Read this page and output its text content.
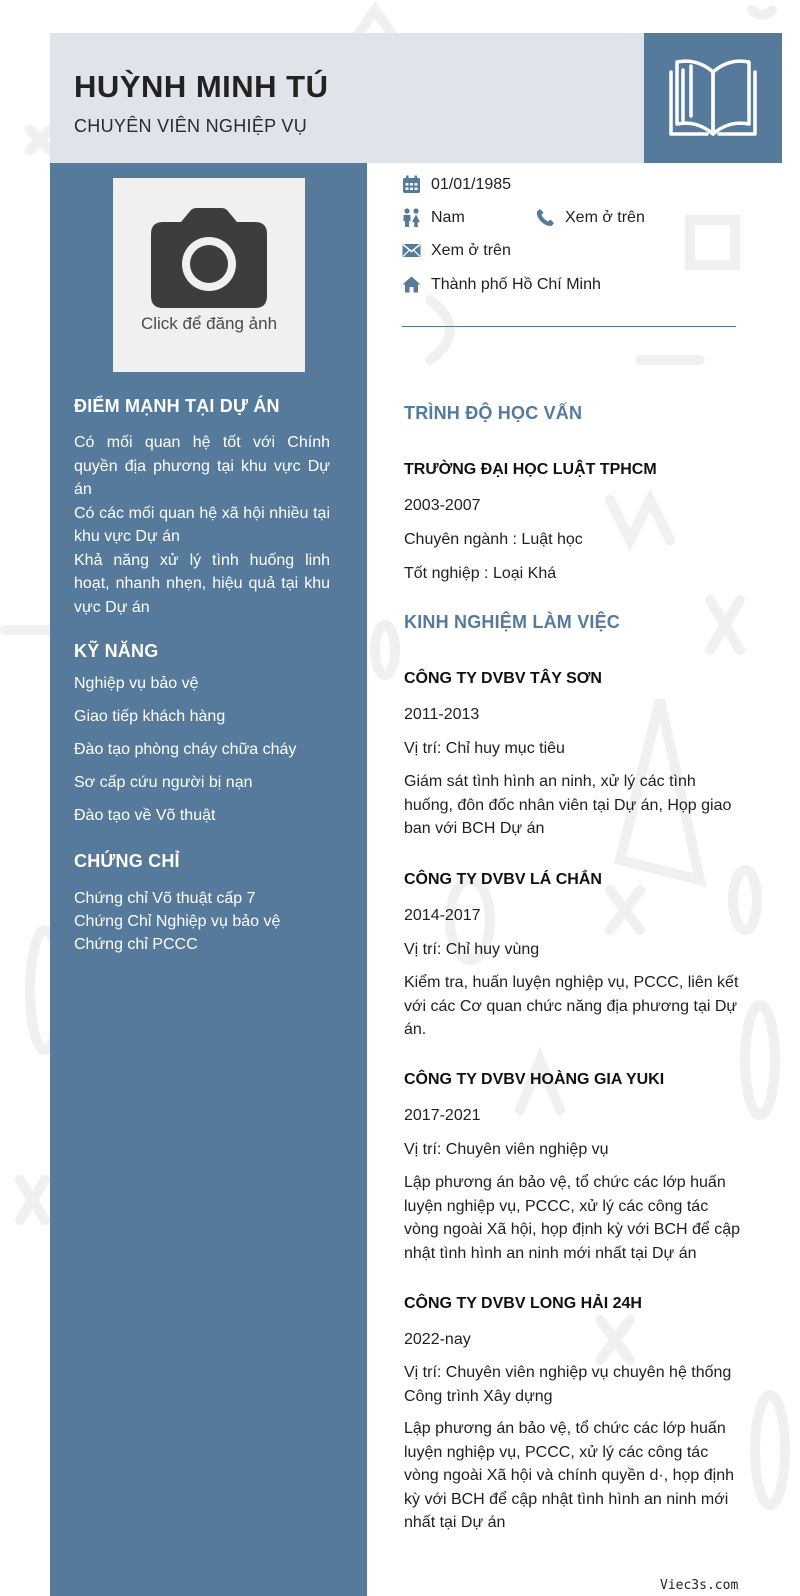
HUỲNH MINH TÚ
CHUYÊN VIÊN NGHIỆP VỤ
Click để đăng ảnh
ĐIỂM MẠNH TẠI DỰ ÁN

Có mối quan hệ tốt với Chính quyền địa phương tại khu vực Dự án

Có các mối quan hệ xã hội nhiều tại khu vực Dự án

Khả năng xử lý tình huống linh hoạt, nhanh nhẹn, hiệu quả tại khu vực Dự án

KỸ NĂNG
Nghiệp vụ bảo vệ
Giao tiếp khách hàng
Đào tạo phòng cháy chữa cháy
Sơ cấp cứu người bị nạn
Đào tạo về Võ thuật
CHỨNG CHỈ
Chứng chỉ Võ thuật cấp 7
Chứng Chỉ Nghiệp vụ bảo vệ
Chứng chỉ PCCC
01/01/1985
Nam	Xem ở trên
Xem ở trên
Thành phố Hồ Chí Minh
TRÌNH ĐỘ HỌC VẤN
TRƯỜNG ĐẠI HỌC LUẬT TPHCM
2003-2007
Chuyên ngành : Luật học
Tốt nghiệp : Loại Khá
KINH NGHIỆM LÀM VIỆC
CÔNG TY DVBV TÂY SƠN
2011-2013
Vị trí: Chỉ huy mục tiêu
Giám sát tình hình an ninh, xử lý các tình huống, đôn đốc nhân viên tại Dự án, Họp giao ban với BCH Dự án
CÔNG TY DVBV LÁ CHẮN
2014-2017
Vị trí: Chỉ huy vùng
Kiểm tra, huấn luyện nghiệp vụ, PCCC, liên kết với các Cơ quan chức năng địa phương tại Dự án.
CÔNG TY DVBV HOÀNG GIA YUKI
2017-2021
Vị trí: Chuyên viên nghiệp vụ
Lập phương án bảo vệ, tổ chức các lớp huấn luyện nghiệp vụ, PCCC, xử lý các công tác vòng ngoài Xã hội, họp định kỳ với BCH để cập nhật tình hình an ninh mới nhất tại Dự án
CÔNG TY DVBV LONG HẢI 24H
2022-nay
Vị trí: Chuyên viên nghiệp vụ chuyên hệ thống Công trình Xây dựng
Lập phương án bảo vệ, tổ chức các lớp huấn luyện nghiệp vụ, PCCC, xử lý các công tác vòng ngoài Xã hội và chính quyền d·, họp định kỳ với BCH để cập nhật tình hình an ninh mới nhất tại Dự án
Viec3s.com
